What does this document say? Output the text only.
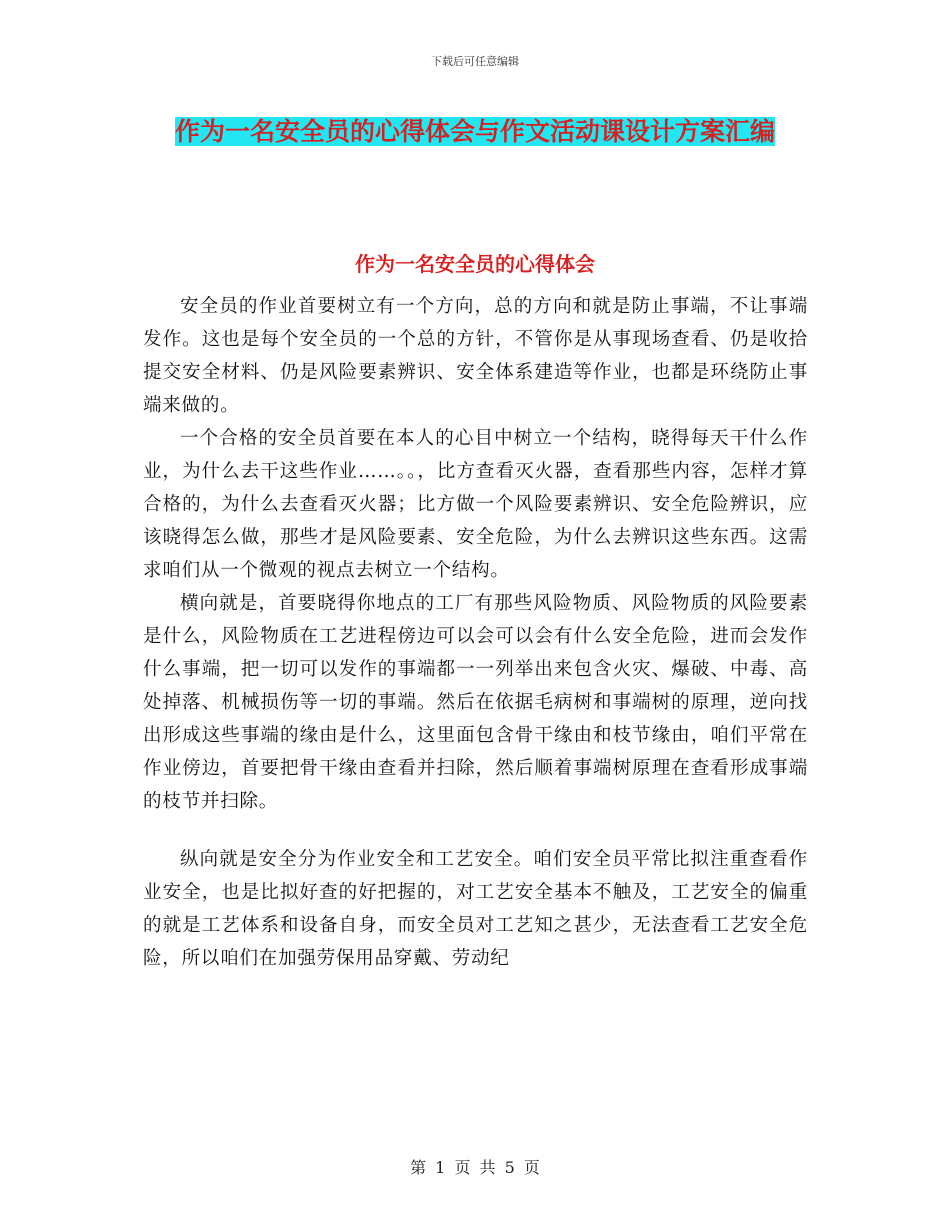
下载后可任意编辑
作为一名安全员的心得体会与作文活动课设计方案汇编
作为一名安全员的心得体会

安全员的作业首要树立有一个方向，总的方向和就是防止事端，不让事端发作。这也是每个安全员的一个总的方针，不管你是从事现场查看、仍是收拾提交安全材料、仍是风险要素辨识、安全体系建造等作业，也都是环绕防止事端来做的。

一个合格的安全员首要在本人的心目中树立一个结构，晓得每天干什么作业，为什么去干这些作业……。。，比方查看灭火器，查看那些内容，怎样才算合格的，为什么去查看灭火器；比方做一个风险要素辨识、安全危险辨识，应该晓得怎么做，那些才是风险要素、安全危险，为什么去辨识这些东西。这需求咱们从一个微观的视点去树立一个结构。

横向就是，首要晓得你地点的工厂有那些风险物质、风险物质的风险要素是什么，风险物质在工艺进程傍边可以会可以会有什么安全危险，进而会发作什么事端，把一切可以发作的事端都一一列举出来包含火灾、爆破、中毒、高处掉落、机械损伤等一切的事端。然后在依据毛病树和事端树的原理，逆向找出形成这些事端的缘由是什么，这里面包含骨干缘由和枝节缘由，咱们平常在作业傍边，首要把骨干缘由查看并扫除，然后顺着事端树原理在查看形成事端的枝节并扫除。

纵向就是安全分为作业安全和工艺安全。咱们安全员平常比拟注重查看作业安全，也是比拟好查的好把握的，对工艺安全基本不触及，工艺安全的偏重的就是工艺体系和设备自身，而安全员对工艺知之甚少，无法查看工艺安全危险，所以咱们在加强劳保用品穿戴、劳动纪

第 1 页 共 5 页
